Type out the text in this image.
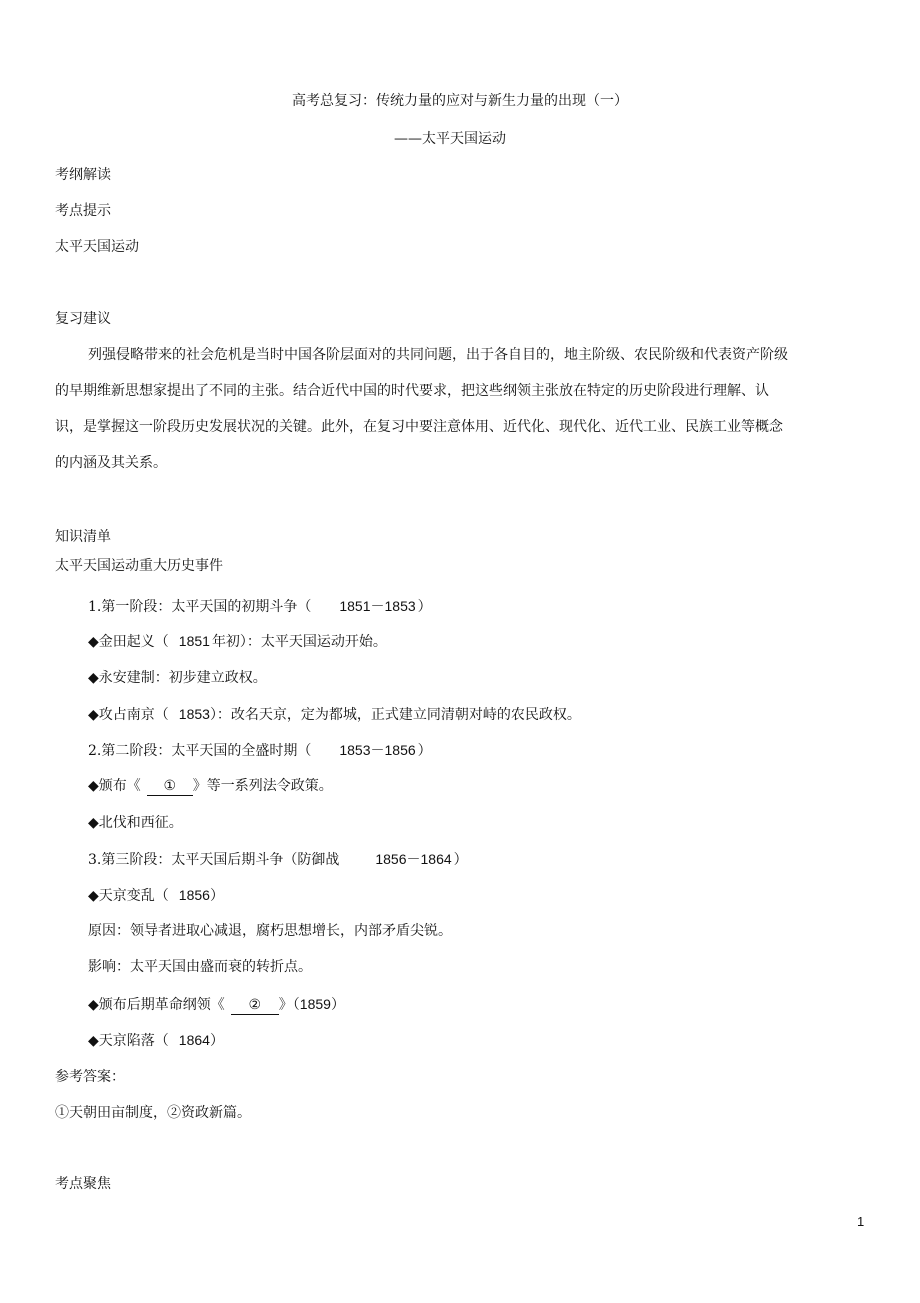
高考总复习：传统力量的应对与新生力量的出现（一）
——太平天国运动
考纲解读
考点提示
太平天国运动
复习建议
列强侵略带来的社会危机是当时中国各阶层面对的共同问题，出于各自目的，地主阶级、农民阶级和代表资产阶级的早期维新思想家提出了不同的主张。结合近代中国的时代要求，把这些纲领主张放在特定的历史阶段进行理解、认识，是掌握这一阶段历史发展状况的关键。此外，在复习中要注意体用、近代化、现代化、近代工业、民族工业等概念的内涵及其关系。
知识清单
太平天国运动重大历史事件
1.第一阶段：太平天国的初期斗争（ 1851－1853 ）
◆金田起义（ 1851 年初）：太平天国运动开始。
◆永安建制：初步建立政权。
◆攻占南京（ 1853）：改名天京，定为都城，正式建立同清朝对峙的农民政权。
2.第二阶段：太平天国的全盛时期（ 1853－1856 ）
◆颁布《 ① 》等一系列法令政策。
◆北伐和西征。
3.第三阶段：太平天国后期斗争（防御战	1856－1864 ）
◆天京变乱（ 1856）
原因：领导者进取心减退，腐朽思想增长，内部矛盾尖锐。
影响：太平天国由盛而衰的转折点。
◆颁布后期革命纲领《 ② 》（1859）
◆天京陷落（ 1864）
参考答案：
①天朝田亩制度，②资政新篇。
考点聚焦
1
